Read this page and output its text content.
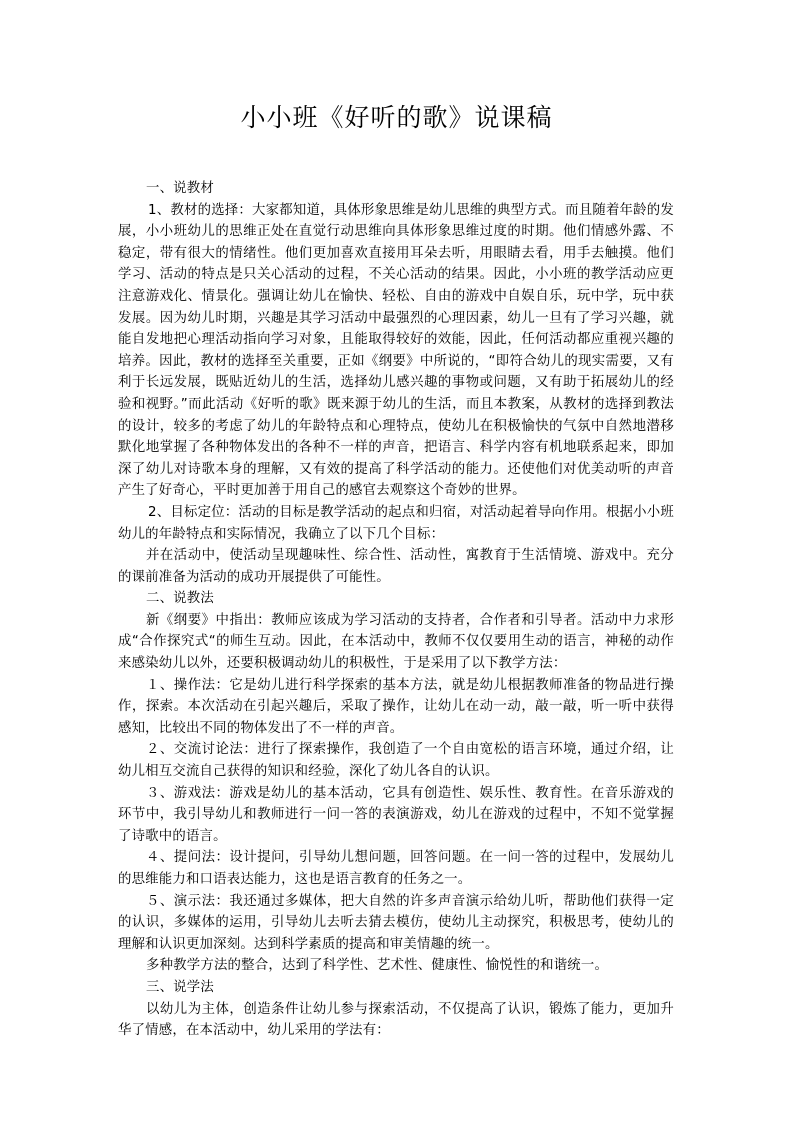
小小班《好听的歌》说课稿

一、说教材

1、教材的选择：大家都知道，具体形象思维是幼儿思维的典型方式。而且随着年龄的发展，小小班幼儿的思维正处在直觉行动思维向具体形象思维过度的时期。他们情感外露、不稳定，带有很大的情绪性。他们更加喜欢直接用耳朵去听，用眼睛去看，用手去触摸。他们学习、活动的特点是只关心活动的过程，不关心活动的结果。因此，小小班的教学活动应更注意游戏化、情景化。强调让幼儿在愉快、轻松、自由的游戏中自娱自乐，玩中学，玩中获发展。因为幼儿时期，兴趣是其学习活动中最强烈的心理因素，幼儿一旦有了学习兴趣，就能自发地把心理活动指向学习对象，且能取得较好的效能，因此，任何活动都应重视兴趣的培养。因此，教材的选择至关重要，正如《纲要》中所说的，“即符合幼儿的现实需要，又有利于长远发展，既贴近幼儿的生活，选择幼儿感兴趣的事物或问题，又有助于拓展幼儿的经验和视野。”而此活动《好听的歌》既来源于幼儿的生活，而且本教案，从教材的选择到教法的设计，较多的考虑了幼儿的年龄特点和心理特点，使幼儿在积极愉快的气氛中自然地潜移默化地掌握了各种物体发出的各种不一样的声音，把语言、科学内容有机地联系起来，即加深了幼儿对诗歌本身的理解，又有效的提高了科学活动的能力。还使他们对优美动听的声音产生了好奇心，平时更加善于用自己的感官去观察这个奇妙的世界。

2、目标定位：活动的目标是教学活动的起点和归宿，对活动起着导向作用。根据小小班幼儿的年龄特点和实际情况，我确立了以下几个目标：

并在活动中，使活动呈现趣味性、综合性、活动性，寓教育于生活情境、游戏中。充分的课前准备为活动的成功开展提供了可能性。

二、说教法

新《纲要》中指出：教师应该成为学习活动的支持者，合作者和引导者。活动中力求形成“合作探究式“的师生互动。因此，在本活动中，教师不仅仅要用生动的语言，神秘的动作来感染幼儿以外，还要积极调动幼儿的积极性，于是采用了以下教学方法：

１、操作法：它是幼儿进行科学探索的基本方法，就是幼儿根据教师准备的物品进行操作，探索。本次活动在引起兴趣后，采取了操作，让幼儿在动一动，敲一敲，听一听中获得感知，比较出不同的物体发出了不一样的声音。

２、交流讨论法：进行了探索操作，我创造了一个自由宽松的语言环境，通过介绍，让幼儿相互交流自己获得的知识和经验，深化了幼儿各自的认识。

３、游戏法：游戏是幼儿的基本活动，它具有创造性、娱乐性、教育性。在音乐游戏的环节中，我引导幼儿和教师进行一问一答的表演游戏，幼儿在游戏的过程中，不知不觉掌握了诗歌中的语言。

４、提问法：设计提问，引导幼儿想问题，回答问题。在一问一答的过程中，发展幼儿的思维能力和口语表达能力，这也是语言教育的任务之一。

５、演示法：我还通过多媒体，把大自然的许多声音演示给幼儿听，帮助他们获得一定的认识，多媒体的运用，引导幼儿去听去猜去模仿，使幼儿主动探究，积极思考，使幼儿的理解和认识更加深刻。达到科学素质的提高和审美情趣的统一。

多种教学方法的整合，达到了科学性、艺术性、健康性、愉悦性的和谐统一。

三、说学法

以幼儿为主体，创造条件让幼儿参与探索活动，不仅提高了认识，锻炼了能力，更加升华了情感，在本活动中，幼儿采用的学法有：
